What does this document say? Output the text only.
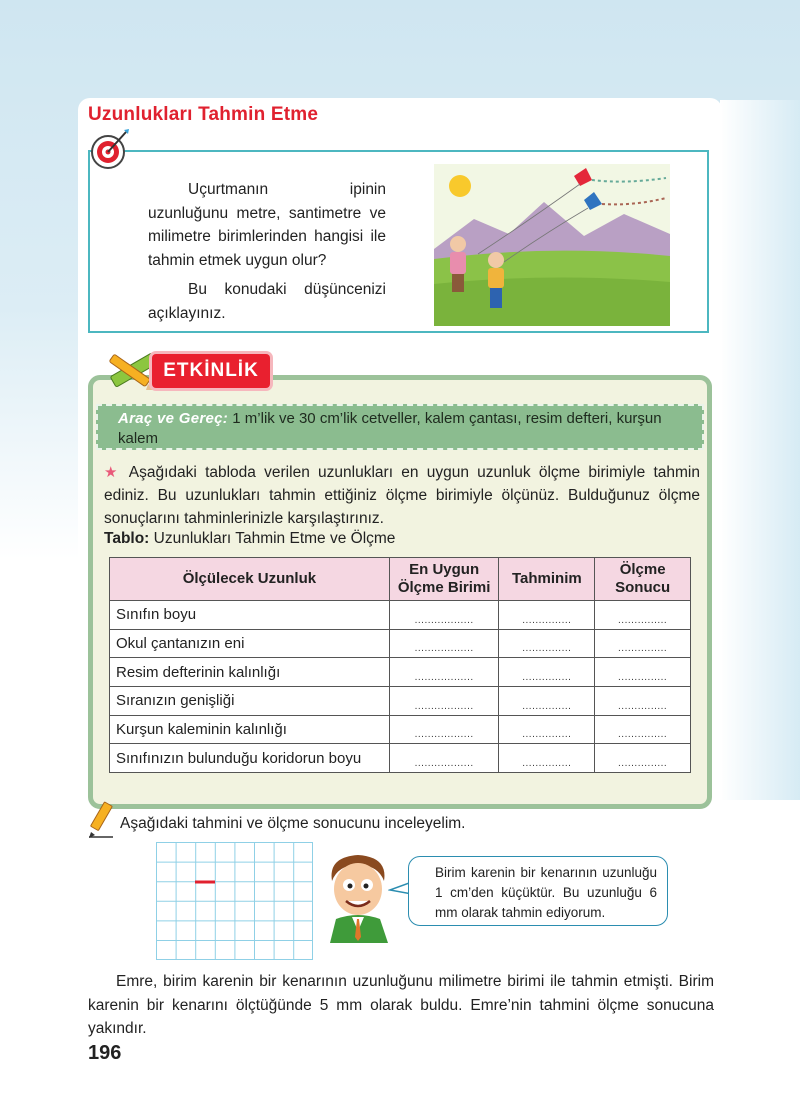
Uzunlukları Tahmin Etme

Uçurtmanın ipinin uzunluğunu metre, santimetre ve milimetre birimlerinden hangisi ile tahmin etmek uygun olur?

Bu konudaki düşüncenizi açıklayınız.

ETKİNLİK
Araç ve Gereç: 1 m’lik ve 30 cm’lik cetveller, kalem çantası, resim defteri, kurşun kalem

★ Aşağıdaki tabloda verilen uzunlukları en uygun uzunluk ölçme birimiyle tahmin ediniz. Bu uzunlukları tahmin ettiğiniz ölçme birimiyle ölçünüz. Bulduğunuz ölçme sonuçlarını tahminlerinizle karşılaştırınız.

Tablo: Uzunlukları Tahmin Etme ve Ölçme

Ölçülecek Uzunluk	En Uygun Ölçme Birimi	Tahminim	Ölçme Sonucu
Sınıfın boyu	..................	...............	...............
Okul çantanızın eni	..................	...............	...............
Resim defterinin kalınlığı	..................	...............	...............
Sıranızın genişliği	..................	...............	...............
Kurşun kaleminin kalınlığı	..................	...............	...............
Sınıfınızın bulunduğu koridorun boyu	..................	...............	...............

Aşağıdaki tahmini ve ölçme sonucunu inceleyelim.

Birim karenin bir kenarının uzunluğu 1 cm’den küçüktür. Bu uzunluğu 6 mm olarak tahmin ediyorum.

Emre, birim karenin bir kenarının uzunluğunu milimetre birimi ile tahmin etmişti. Birim karenin bir kenarını ölçtüğünde 5 mm olarak buldu. Emre’nin tahmini ölçme sonucuna yakındır.

196
